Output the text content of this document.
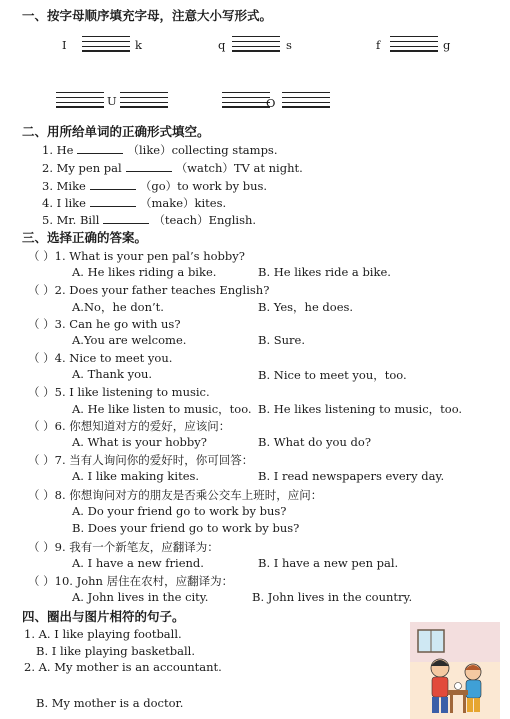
一、按字母顺序填充字母，注意大小写形式。
I	k	q	s	f	g
U	O
二、用所给单词的正确形式填空。
1. He	（like）collecting stamps.
2. My pen pal	（watch）TV at night.
3. Mike	（go）to work by bus.
4. I like	（make）kites.
5. Mr. Bill	（teach）English.
三、选择正确的答案。
（ ）1. What is your pen pal’s hobby?
A. He likes riding a bike.	B. He likes ride a bike.
（ ）2. Does your father teaches English?
A.No，he don’t.	B. Yes，he does.
（ ）3. Can he go with us?
A.You are welcome.	B. Sure.
（ ）4. Nice to meet you.
A. Thank you.	B. Nice to meet you，too.
（ ）5. I like listening to music.
A. He like listen to music，too. B. He likes listening to music，too.
（ ）6. 你想知道对方的爱好，应该问：
A. What is your hobby?	B. What do you do?
（ ）7. 当有人询问你的爱好时，你可回答：
A. I like making kites.	B. I read newspapers every day.
（ ）8. 你想询问对方的朋友是否乘公交车上班时，应问：
A. Do your friend go to work by bus?
B. Does your friend go to work by bus?
（ ）9. 我有一个新笔友，应翻译为：
A. I have a new friend.	B. I have a new pen pal.
（ ）10. John 居住在农村，应翻译为：
A. John lives in the city.	B. John lives in the country.
四、圈出与图片相符的句子。
1. A. I like playing football.
B. I like playing basketball.
2. A. My mother is an accountant.
B. My mother is a doctor.
